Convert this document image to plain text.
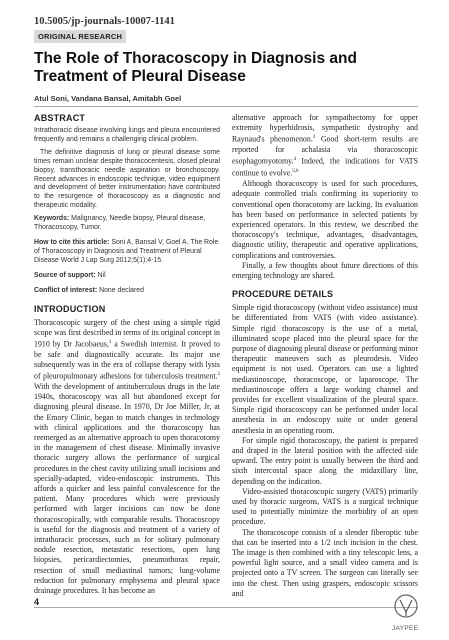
10.5005/jp-journals-10007-1141
ORIGINAL RESEARCH
The Role of Thoracoscopy in Diagnosis and Treatment of Pleural Disease
Atul Soni, Vandana Bansal, Amitabh Goel
ABSTRACT

Intrathoracic disease involving lungs and pleura encountered frequently and remains a challenging clinical problem.

The definitive diagnosis of lung or pleural disease some times remain unclear despite thoracocentesis, closed pleural biopsy, transthoracic needle aspiration or bronchoscopy. Recent advances in endoscopic technique, video equipment and development of better instrumentation have contributed to the resurgence of thoracoscopy as a diagnostic and therapeutic modality.

Keywords: Malignancy, Needle biopsy, Pleural disease, Thoracoscopy, Tumor.

How to cite this article: Soni A, Bansal V, Goel A. The Role of Thoracoscopy in Diagnosis and Treatment of Pleural Disease World J Lap Surg 2012;5(1):4-15.

Source of support: Nil

Conflict of interest: None declared

INTRODUCTION

Thoracoscopic surgery of the chest using a simple rigid scope was first described in terms of its original concept in 1910 by Dr Jacobaeus,$^1$ a Swedish internist. It proved to be safe and diagnostically accurate. Its major use subsequently was in the era of collapse therapy with lysis of pleuropulmonary adhesions for tuberculosis treatment.$^2$ With the development of antituberculous drugs in the late 1940s, thoracoscopy was all but abandoned except for diagnosing pleural disease. In 1970, Dr Joe Miller, Jr, at the Emory Clinic, began to match changes in technology with clinical applications and the thoracoscopy has reemerged as an alternative approach to open thoracotomy in the management of chest disease. Minimally invasive thoracic surgery allows the performance of surgical procedures in the chest cavity utilizing small incisions and specially-adapted, video-endoscopic instruments. This affords a quicker and less painful convalescence for the patient. Many procedures which were previously performed with larger incisions can now be done thoracoscopically, with comparable results. Thoracoscopy is useful for the diagnosis and treatment of a variety of intrathoracic processes, such as for solitary pulmonary nodule resection, metastatic resections, open lung biopsies, pericardiectomies, pneumothorax repair, resection of small mediastinal tumors; lung-volume reduction for pulmonary emphysema and pleural space drainage procedures. It has become an

alternative approach for sympathectomy for upper extremity hyperhidrosis, sympathetic dystrophy and Raynaud's phenomenon.$^3$ Good short-term results are reported for achalasia via thoracoscopic esophagomyotomy.$^4$ Indeed, the indications for VATS continue to evolve.$^{5,6}$

Although thoracoscopy is used for such procedures, adequate controlled trials confirming its superiority to conventional open thoracotomy are lacking. Its evaluation has been based on performance in selected patients by experienced operators. In this review, we described the thoracoscopy's technique, advantages, disadvantages, diagnostic utility, therapeutic and operative applications, complications and controversies.

Finally, a few thoughts about future directions of this emerging technology are shared.

PROCEDURE DETAILS

Simple rigid thoracoscopy (without video assistance) must be differentiated from VATS (with video assistance). Simple rigid thoracoscopy is the use of a metal, illuminated scope placed into the pleural space for the purpose of diagnosing pleural disease or performing minor therapeutic maneuvers such as pleurodesis. Video equipment is not used. Operators can use a lighted mediastinoscope, thoracoscope, or laparoscope. The mediastinoscope offers a large working channel and provides for excellent visualization of the pleural space. Simple rigid thoracoscopy can be performed under local anesthesia in an endoscopy suite or under general anesthesia in an operating room.

For simple rigid thoracoscopy, the patient is prepared and draped in the lateral position with the affected side upward. The entry point is usually between the third and sixth intercostal space along the midaxillary line, depending on the indication.

Video-assisted thoracoscopic surgery (VATS) primarily used by thoracic surgeons, VATS is a surgical technique used to potentially minimize the morbidity of an open procedure.

The thoracoscope consists of a slender fiberoptic tube that can be inserted into a 1/2 inch incision in the chest. The image is then combined with a tiny telescopic lens, a powerful light source, and a small video camera and is projected onto a TV screen. The surgeon can literally see into the chest. Then using graspers, endoscopic scissors and

4
JAYPEE
